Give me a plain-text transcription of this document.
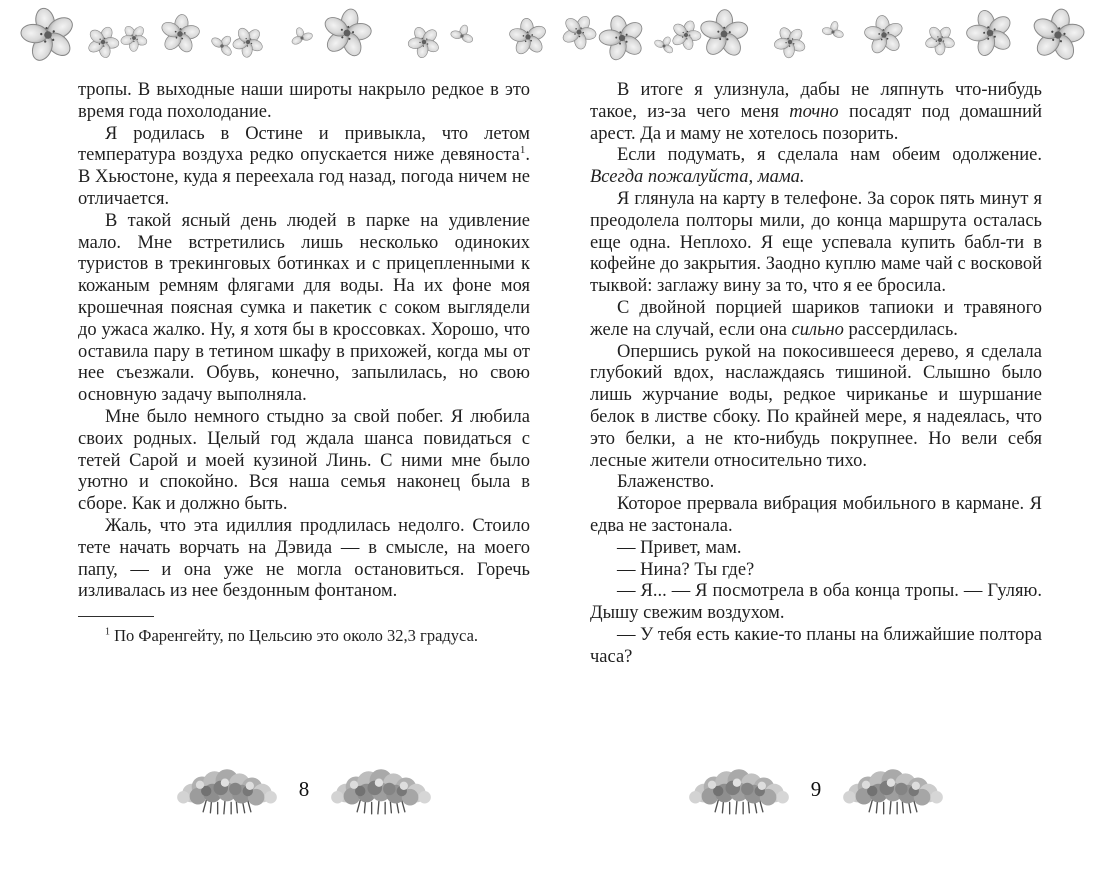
тропы. В выходные наши широты накрыло редкое в это время года похолодание.

Я родилась в Остине и привыкла, что летом температура воздуха редко опускается ниже девяноста$^1$. В Хьюстоне, куда я переехала год назад, погода ничем не отличается.

В такой ясный день людей в парке на удивление мало. Мне встретились лишь несколько одиноких туристов в трекинговых ботинках и с прицепленными к кожаным ремням флягами для воды. На их фоне моя крошечная поясная сумка и пакетик с соком выглядели до ужаса жалко. Ну, я хотя бы в кроссовках. Хорошо, что оставила пару в тетином шкафу в прихожей, когда мы от нее съезжали. Обувь, конечно, запылилась, но свою основную задачу выполняла.

Мне было немного стыдно за свой побег. Я любила своих родных. Целый год ждала шанса повидаться с тетей Сарой и моей кузиной Линь. С ними мне было уютно и спокойно. Вся наша семья наконец была в сборе. Как и должно быть.

Жаль, что эта идиллия продлилась недолго. Стоило тете начать ворчать на Дэвида — в смысле, на моего папу, — и она уже не могла остановиться. Горечь изливалась из нее бездонным фонтаном.

$^1$ По Фаренгейту, по Цельсию это около 32,3 градуса.

В итоге я улизнула, дабы не ляпнуть что-нибудь такое, из-за чего меня точно посадят под домашний арест. Да и маму не хотелось позорить.

Если подумать, я сделала нам обеим одолжение. Всегда пожалуйста, мама.

Я глянула на карту в телефоне. За сорок пять минут я преодолела полторы мили, до конца маршрута осталась еще одна. Неплохо. Я еще успевала купить бабл-ти в кофейне до закрытия. Заодно куплю маме чай с восковой тыквой: заглажу вину за то, что я ее бросила.

С двойной порцией шариков тапиоки и травяного желе на случай, если она сильно рассердилась.

Опершись рукой на покосившееся дерево, я сделала глубокий вдох, наслаждаясь тишиной. Слышно было лишь журчание воды, редкое чириканье и шуршание белок в листве сбоку. По крайней мере, я надеялась, что это белки, а не кто-нибудь покрупнее. Но вели себя лесные жители относительно тихо.

Блаженство.

Которое прервала вибрация мобильного в кармане. Я едва не застонала.

— Привет, мам.

— Нина? Ты где?

— Я... — Я посмотрела в оба конца тропы. — Гуляю. Дышу свежим воздухом.

— У тебя есть какие-то планы на ближайшие полтора часа?

8	9
